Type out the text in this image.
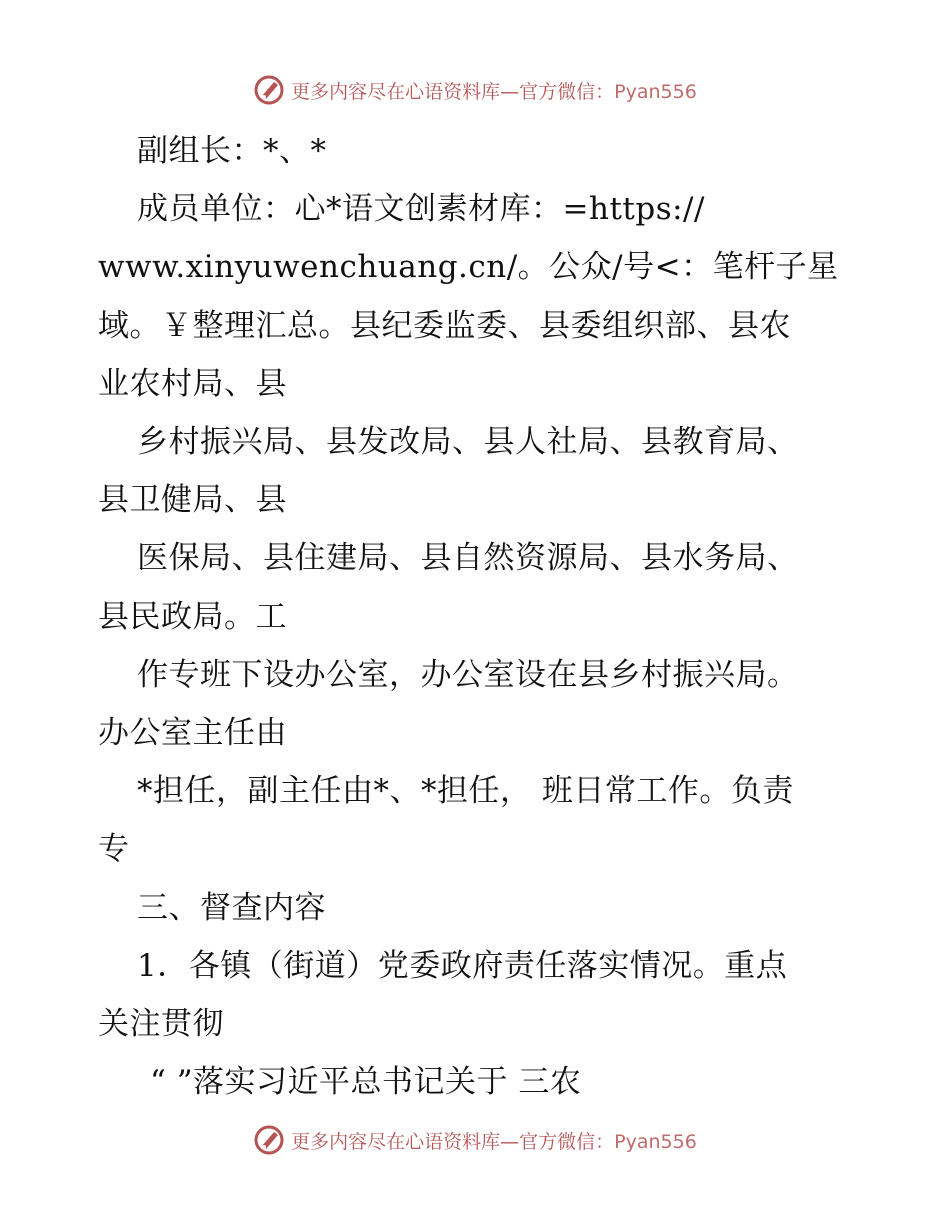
更多内容尽在心语资料库—官方微信：Pyan556

副组长：*、*

成员单位：心*语文创素材库：=https://

www.xinyuwenchuang.cn/。公众/号<：笔杆子星

域。￥整理汇总。县纪委监委、县委组织部、县农

业农村局、县

乡村振兴局、县发改局、县人社局、县教育局、

县卫健局、县

医保局、县住建局、县自然资源局、县水务局、

县民政局。工

作专班下设办公室，办公室设在县乡村振兴局。

办公室主任由

*担任，副主任由*、*担任， 班日常工作。负责

专

三、督查内容

1．各镇（街道）党委政府责任落实情况。重点

关注贯彻

“ ”落实习近平总书记关于 三农

更多内容尽在心语资料库—官方微信：Pyan556
